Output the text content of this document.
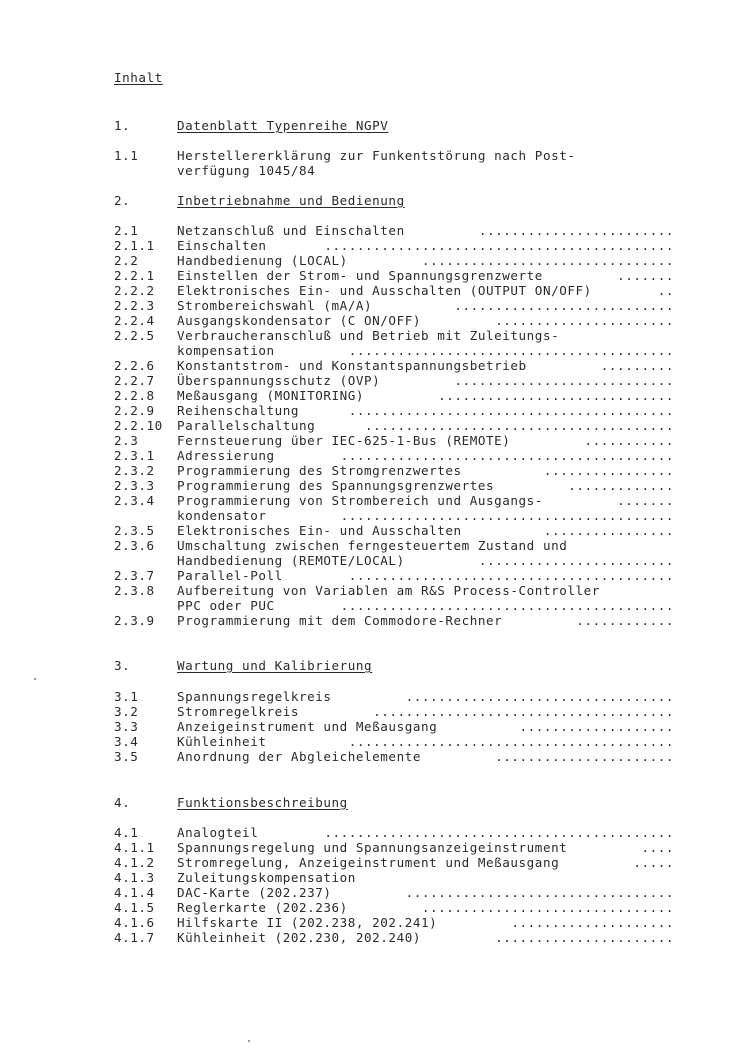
Inhalt

1.

	Datenblatt Typenreihe NGPV

1.1	Herstellererklärung zur Funkentstörung nach Post-
verfügung 1045/84

2.

	Inbetriebnahme und Bedienung

2.1	Netzanschluß und Einschalten	........................
2.1.1 Einschalten	...........................................
2.2	Handbedienung (LOCAL)	...............................
2.2.1 Einstellen der Strom- und Spannungsgrenzwerte	.......
2.2.2 Elektronisches Ein- und Ausschalten (OUTPUT ON/OFF)	..
2.2.3 Strombereichswahl (mA/A)	...........................
2.2.4 Ausgangskondensator (C ON/OFF)	......................
2.2.5 Verbraucheranschluß und Betrieb mit Zuleitungs-
kompensation	........................................
2.2.6 Konstantstrom- und Konstantspannungsbetrieb	.........
2.2.7 Überspannungsschutz (OVP)	...........................
2.2.8 Meßausgang (MONITORING)	.............................
2.2.9 Reihenschaltung	........................................
2.2.10 Parallelschaltung	......................................
2.3	Fernsteuerung über IEC-625-1-Bus (REMOTE)	...........
2.3.1 Adressierung	.........................................
2.3.2 Programmierung des Stromgrenzwertes	................
2.3.3 Programmierung des Spannungsgrenzwertes	.............
2.3.4 Programmierung von Strombereich und Ausgangs-	.......
kondensator	.........................................
2.3.5 Elektronisches Ein- und Ausschalten	................
2.3.6 Umschaltung zwischen ferngesteuertem Zustand und
Handbedienung (REMOTE/LOCAL)	........................
2.3.7 Parallel-Poll	........................................
2.3.8 Aufbereitung von Variablen am R&S Process-Controller
PPC oder PUC	.........................................
2.3.9 Programmierung mit dem Commodore-Rechner	............

3.

	Wartung und Kalibrierung

3.1	Spannungsregelkreis	.................................
3.2	Stromregelkreis	.....................................
3.3	Anzeigeinstrument und Meßausgang	...................
3.4	Kühleinheit	........................................
3.5	Anordnung der Abgleichelemente	......................

4.

	Funktionsbeschreibung

4.1	Analogteil	...........................................
4.1.1 Spannungsregelung und Spannungsanzeigeinstrument	....
4.1.2 Stromregelung, Anzeigeinstrument und Meßausgang	.....
4.1.3 Zuleitungskompensation
4.1.4 DAC-Karte (202.237)	.................................
4.1.5 Reglerkarte (202.236)	...............................
4.1.6 Hilfskarte II (202.238, 202.241)	....................
4.1.7 Kühleinheit (202.230, 202.240)	......................
